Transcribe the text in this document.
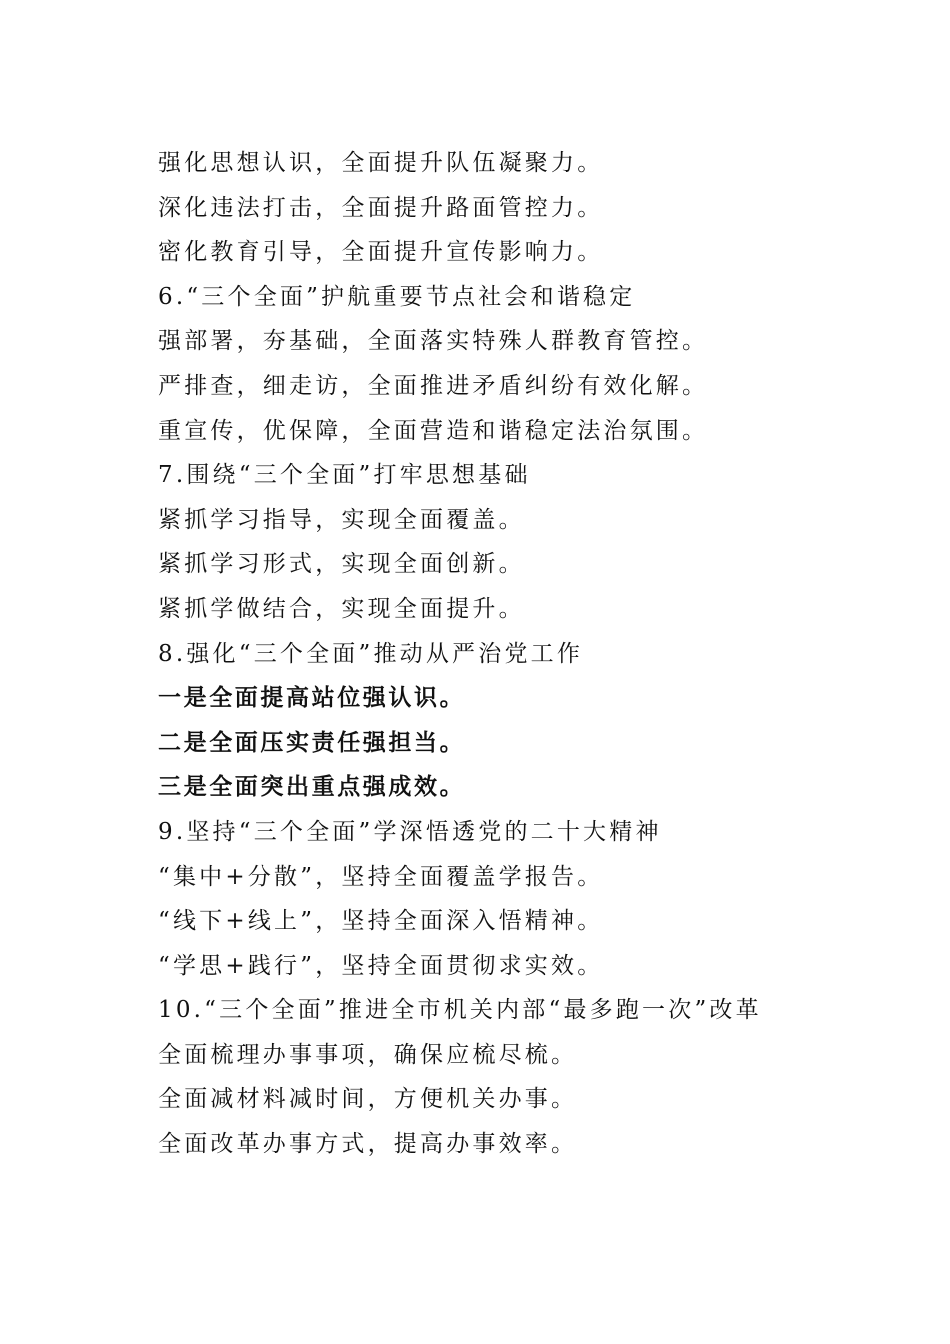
强化思想认识，全面提升队伍凝聚力。

深化违法打击，全面提升路面管控力。

密化教育引导，全面提升宣传影响力。

6.“三个全面”护航重要节点社会和谐稳定

强部署，夯基础，全面落实特殊人群教育管控。

严排查，细走访，全面推进矛盾纠纷有效化解。

重宣传，优保障，全面营造和谐稳定法治氛围。

7.围绕“三个全面”打牢思想基础

紧抓学习指导，实现全面覆盖。

紧抓学习形式，实现全面创新。

紧抓学做结合，实现全面提升。

8.强化“三个全面”推动从严治党工作

一是全面提高站位强认识。

二是全面压实责任强担当。

三是全面突出重点强成效。

9.坚持“三个全面”学深悟透党的二十大精神

“集中+分散”，坚持全面覆盖学报告。

“线下+线上”，坚持全面深入悟精神。

“学思+践行”，坚持全面贯彻求实效。

10.“三个全面”推进全市机关内部“最多跑一次”改革

全面梳理办事事项，确保应梳尽梳。

全面减材料减时间，方便机关办事。

全面改革办事方式，提高办事效率。
